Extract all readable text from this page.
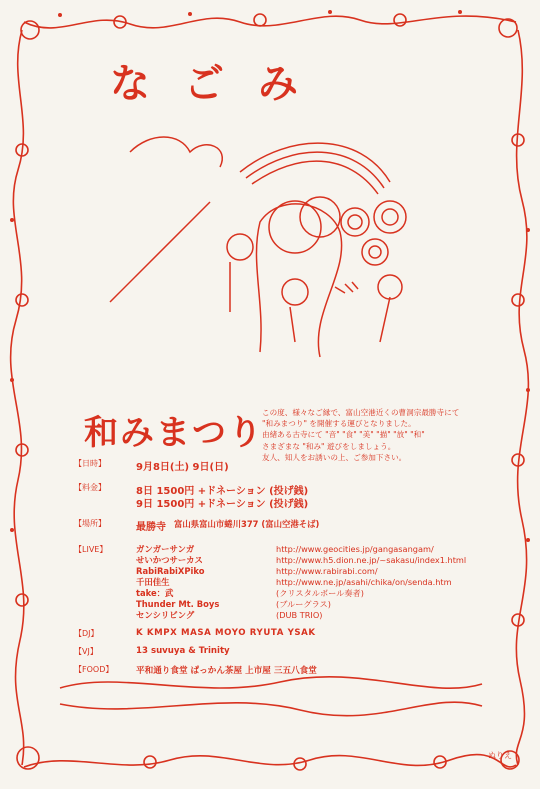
なごみ
和みまつり
この度、様々なご縁で、富山空港近くの曹洞宗最勝寺にて
"和みまつり" を開催する運びとなりました。
由緒ある古寺にて "音" "食" "美" "描" "放" "和"
さまざまな "和み" 遊びをしましょう。
友人、知人をお誘いの上、ご参加下さい。
【日時】	9月8日(土) 9日(日)
【料金】	8日 1500円 +ドネーション (投げ銭)
9日 1500円 +ドネーション (投げ銭)
【場所】	最勝寺 富山県富山市蜷川377 (富山空港そば)
【LIVE】	ガンガーサンガ	http://www.geocities.jp/gangasangam/
せいかつサーカス	http://www.h5.dion.ne.jp/~sakasu/index1.html
RabiRabiXPiko	http://www.rabirabi.com/
千田佳生	http://www.ne.jp/asahi/chika/on/senda.htm
take：武	(クリスタルボール奏者)
Thunder Mt. Boys	(ブルーグラス)
センシリビング	(DUB TRIO)
【DJ】	K KMPX MASA MOYO RYUTA YSAK
【VJ】	13 suvuya & Trinity
【FOOD】	平和通り食堂 ぱっかん茶屋 上市屋 三五八食堂
ぬりえ
